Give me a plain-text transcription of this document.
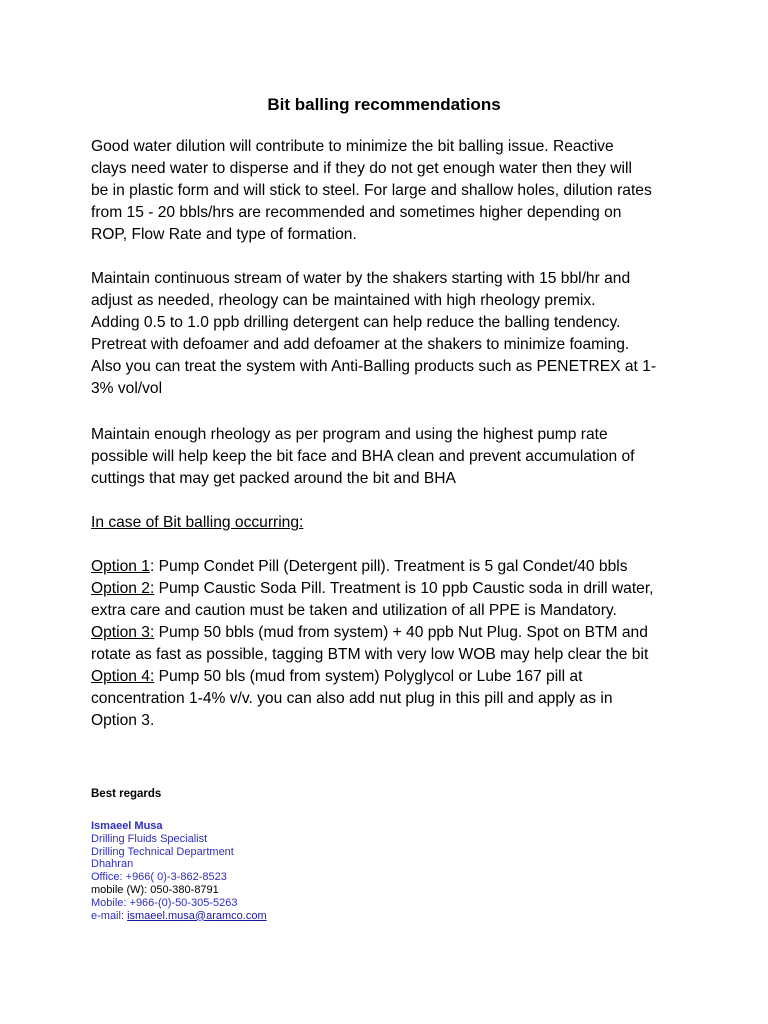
Bit balling recommendations
Good water dilution will contribute to minimize the bit balling issue. Reactive
clays need water to disperse and if they do not get enough water then they will
be in plastic form and will stick to steel. For large and shallow holes, dilution rates
from 15 - 20 bbls/hrs are recommended and sometimes higher depending on
ROP, Flow Rate and type of formation.
Maintain continuous stream of water by the shakers starting with 15 bbl/hr and
adjust as needed, rheology can be maintained with high rheology premix.
Adding 0.5 to 1.0 ppb drilling detergent can help reduce the balling tendency.
Pretreat with defoamer and add defoamer at the shakers to minimize foaming.
Also you can treat the system with Anti-Balling products such as PENETREX at 1-
3% vol/vol
Maintain enough rheology as per program and using the highest pump rate
possible will help keep the bit face and BHA clean and prevent accumulation of
cuttings that may get packed around the bit and BHA
In case of Bit balling occurring:
Option 1: Pump Condet Pill (Detergent pill). Treatment is 5 gal Condet/40 bbls
Option 2: Pump Caustic Soda Pill. Treatment is 10 ppb Caustic soda in drill water,
extra care and caution must be taken and utilization of all PPE is Mandatory.
Option 3: Pump 50 bbls (mud from system) + 40 ppb Nut Plug. Spot on BTM and
rotate as fast as possible, tagging BTM with very low WOB may help clear the bit
Option 4: Pump 50 bls (mud from system) Polyglycol or Lube 167 pill at
concentration 1-4% v/v. you can also add nut plug in this pill and apply as in
Option 3.

Best regards

Ismaeel Musa
Drilling Fluids Specialist
Drilling Technical Department
Dhahran
Office: +966( 0)-3-862-8523
mobile (W): 050-380-8791
Mobile: +966-(0)-50-305-5263
e-mail: ismaeel.musa@aramco.com
